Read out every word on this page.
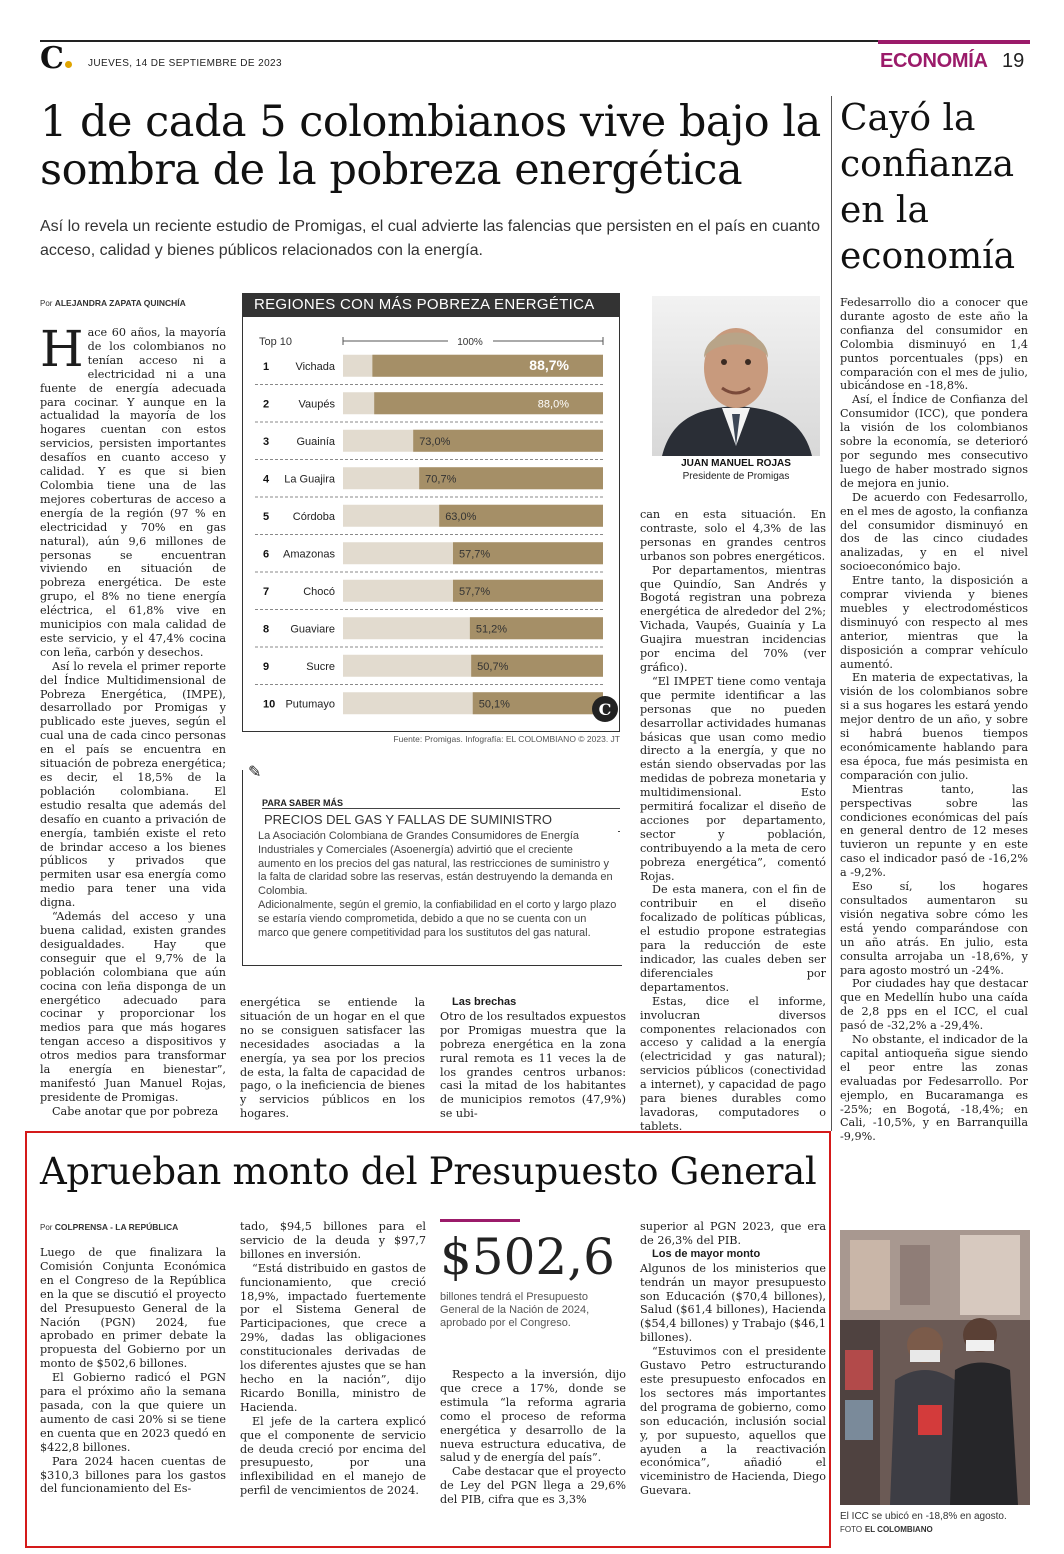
C	JUEVES, 14 DE SEPTIEMBRE DE 2023	ECONOMÍA 19
1 de cada 5 colombianos vive bajo la sombra de la pobreza energética
Así lo revela un reciente estudio de Promigas, el cual advierte las falencias que persisten en el país en cuanto acceso, calidad y bienes públicos relacionados con la energía.
Por ALEJANDRA ZAPATA QUINCHÍA

Hace 60 años, la mayoría de los colombianos no tenían acceso ni a electricidad ni a una fuente de energía adecuada para cocinar. Y aunque en la actualidad la mayoría de los hogares cuentan con estos servicios, persisten importantes desafíos en cuanto acceso y calidad. Y es que si bien Colombia tiene una de las mejores coberturas de acceso a energía de la región (97 % en electricidad y 70% en gas natural), aún 9,6 millones de personas se encuentran viviendo en situación de pobreza energética. De este grupo, el 8% no tiene energía eléctrica, el 61,8% vive en municipios con mala calidad de este servicio, y el 47,4% cocina con leña, carbón y desechos.

Así lo revela el primer reporte del Índice Multidimensional de Pobreza Energética, (IMPE), desarrollado por Promigas y publicado este jueves, según el cual una de cada cinco personas en el país se encuentra en situación de pobreza energética; es decir, el 18,5% de la población colombiana. El estudio resalta que además del desafío en cuanto a privación de energía, también existe el reto de brindar acceso a los bienes públicos y privados que permiten usar esa energía como medio para tener una vida digna.

“Además del acceso y una buena calidad, existen grandes desigualdades. Hay que conseguir que el 9,7% de la población colombiana que aún cocina con leña disponga de un energético adecuado para cocinar y proporcionar los medios para que más hogares tengan acceso a dispositivos y otros medios para transformar la energía en bienestar”, manifestó Juan Manuel Rojas, presidente de Promigas.

Cabe anotar que por pobreza

REGIONES CON MÁS POBREZA ENERGÉTICA
Top 10	100%
1 Vichada	88,7%
2	Vaupés	88,0%
3 Guainía	73,0%
4 La Guajira	70,7%
5 Córdoba	63,0%
6 Amazonas	57,7%
7	Chocó	57,7%
8 Guaviare	51,2%
9	Sucre	50,7%
10 Putumayo	50,1%	C
Fuente: Promigas. Infografía: EL COLOMBIANO © 2023. JT
✎
PARA SABER MÁS
PRECIOS DEL GAS Y FALLAS DE SUMINISTRO
La Asociación Colombiana de Grandes Consumidores de Energía Industriales y Comerciales (Asoenergía) advirtió que el creciente aumento en los precios del gas natural, las restricciones de suministro y la falta de claridad sobre las reservas, están destruyendo la demanda en Colombia.
Adicionalmente, según el gremio, la confiabilidad en el corto y largo plazo se estaría viendo comprometida, debido a que no se cuenta con un marco que genere competitividad para los sustitutos del gas natural.

energética se entiende la situación de un hogar en el que no se consiguen satisfacer las necesidades asociadas a la energía, ya sea por los precios de esta, la falta de capacidad de pago, o la ineficiencia de bienes y servicios públicos en los hogares.

Las brechas

Otro de los resultados expuestos por Promigas muestra que la pobreza energética en la zona rural remota es 11 veces la de los grandes centros urbanos: casi la mitad de los habitantes de municipios remotos (47,9%) se ubi-

JUAN MANUEL ROJAS
Presidente de Promigas

can en esta situación. En contraste, solo el 4,3% de las personas en grandes centros urbanos son pobres energéticos.

Por departamentos, mientras que Quindío, San Andrés y Bogotá registran una pobreza energética de alrededor del 2%; Vichada, Vaupés, Guainía y La Guajira muestran incidencias por encima del 70% (ver gráfico).

“El IMPET tiene como ventaja que permite identificar a las personas que no pueden desarrollar actividades humanas básicas que usan como medio directo a la energía, y que no están siendo observadas por las medidas de pobreza monetaria y multidimensional. Esto permitirá focalizar el diseño de acciones por departamento, sector y población, contribuyendo a la meta de cero pobreza energética”, comentó Rojas.

De esta manera, con el fin de contribuir en el diseño focalizado de políticas públicas, el estudio propone estrategias para la reducción de este indicador, las cuales deben ser diferenciales por departamentos.

Estas, dice el informe, involucran diversos componentes relacionados con acceso y calidad a la energía (electricidad y gas natural); servicios públicos (conectividad a internet), y capacidad de pago para bienes durables como lavadoras, computadores o tablets.

Cayó la confianza en la economía

Fedesarrollo dio a conocer que durante agosto de este año la confianza del consumidor en Colombia disminuyó en 1,4 puntos porcentuales (pps) en comparación con el mes de julio, ubicándose en -18,8%.

Así, el Índice de Confianza del Consumidor (ICC), que pondera la visión de los colombianos sobre la economía, se deterioró por segundo mes consecutivo luego de haber mostrado signos de mejora en junio.

De acuerdo con Fedesarrollo, en el mes de agosto, la confianza del consumidor disminuyó en dos de las cinco ciudades analizadas, y en el nivel socioeconómico bajo.

Entre tanto, la disposición a comprar vivienda y bienes muebles y electrodomésticos disminuyó con respecto al mes anterior, mientras que la disposición a comprar vehículo aumentó.

En materia de expectativas, la visión de los colombianos sobre si a sus hogares les estará yendo mejor dentro de un año, y sobre si habrá buenos tiempos económicamente hablando para esa época, fue más pesimista en comparación con julio.

Mientras tanto, las perspectivas sobre las condiciones económicas del país en general dentro de 12 meses tuvieron un repunte y en este caso el indicador pasó de -16,2% a -9,2%.

Eso sí, los hogares consultados aumentaron su visión negativa sobre cómo les está yendo comparándose con un año atrás. En julio, esta consulta arrojaba un -18,6%, y para agosto mostró un -24%.

Por ciudades hay que destacar que en Medellín hubo una caída de 2,8 pps en el ICC, el cual pasó de -32,2% a -29,4%.

No obstante, el indicador de la capital antioqueña sigue siendo el peor entre las zonas evaluadas por Fedesarrollo. Por ejemplo, en Bucaramanga es -25%; en Bogotá, -18,4%; en Cali, -10,5%, y en Barranquilla -9,9%.

El ICC se ubicó en -18,8% en agosto. FOTO EL COLOMBIANO
Aprueban monto del Presupuesto General
Por COLPRENSA - LA REPÚBLICA

Luego de que finalizara la Comisión Conjunta Económica en el Congreso de la República en la que se discutió el proyecto del Presupuesto General de la Nación (PGN) 2024, fue aprobado en primer debate la propuesta del Gobierno por un monto de $502,6 billones.

El Gobierno radicó el PGN para el próximo año la semana pasada, con la que quiere un aumento de casi 20% si se tiene en cuenta que en 2023 quedó en $422,8 billones.

Para 2024 hacen cuentas de $310,3 billones para los gastos del funcionamiento del Es-

tado, $94,5 billones para el servicio de la deuda y $97,7 billones en inversión.

“Está distribuido en gastos de funcionamiento, que creció 18,9%, impactado fuertemente por el Sistema General de Participaciones, que crece a 29%, dadas las obligaciones constitucionales derivadas de los diferentes ajustes que se han hecho en la nación”, dijo Ricardo Bonilla, ministro de Hacienda.

El jefe de la cartera explicó que el componente de servicio de deuda creció por encima del presupuesto, por una inflexibilidad en el manejo de perfil de vencimientos de 2024.

$502,6
billones tendrá el Presupuesto General de la Nación de 2024, aprobado por el Congreso.

Respecto a la inversión, dijo que crece a 17%, donde se estimula “la reforma agraria como el proceso de reforma energética y desarrollo de la nueva estructura educativa, de salud y de energía del país”.

Cabe destacar que el proyecto de Ley del PGN llega a 29,6% del PIB, cifra que es 3,3%

superior al PGN 2023, que era de 26,3% del PIB.

Los de mayor monto

Algunos de los ministerios que tendrán un mayor presupuesto son Educación ($70,4 billones), Salud ($61,4 billones), Hacienda ($54,4 billones) y Trabajo ($46,1 billones).

“Estuvimos con el presidente Gustavo Petro estructurando este presupuesto enfocados en los sectores más importantes del programa de gobierno, como son educación, inclusión social y, por supuesto, aquellos que ayuden a la reactivación económica”, añadió el viceministro de Hacienda, Diego Guevara.
